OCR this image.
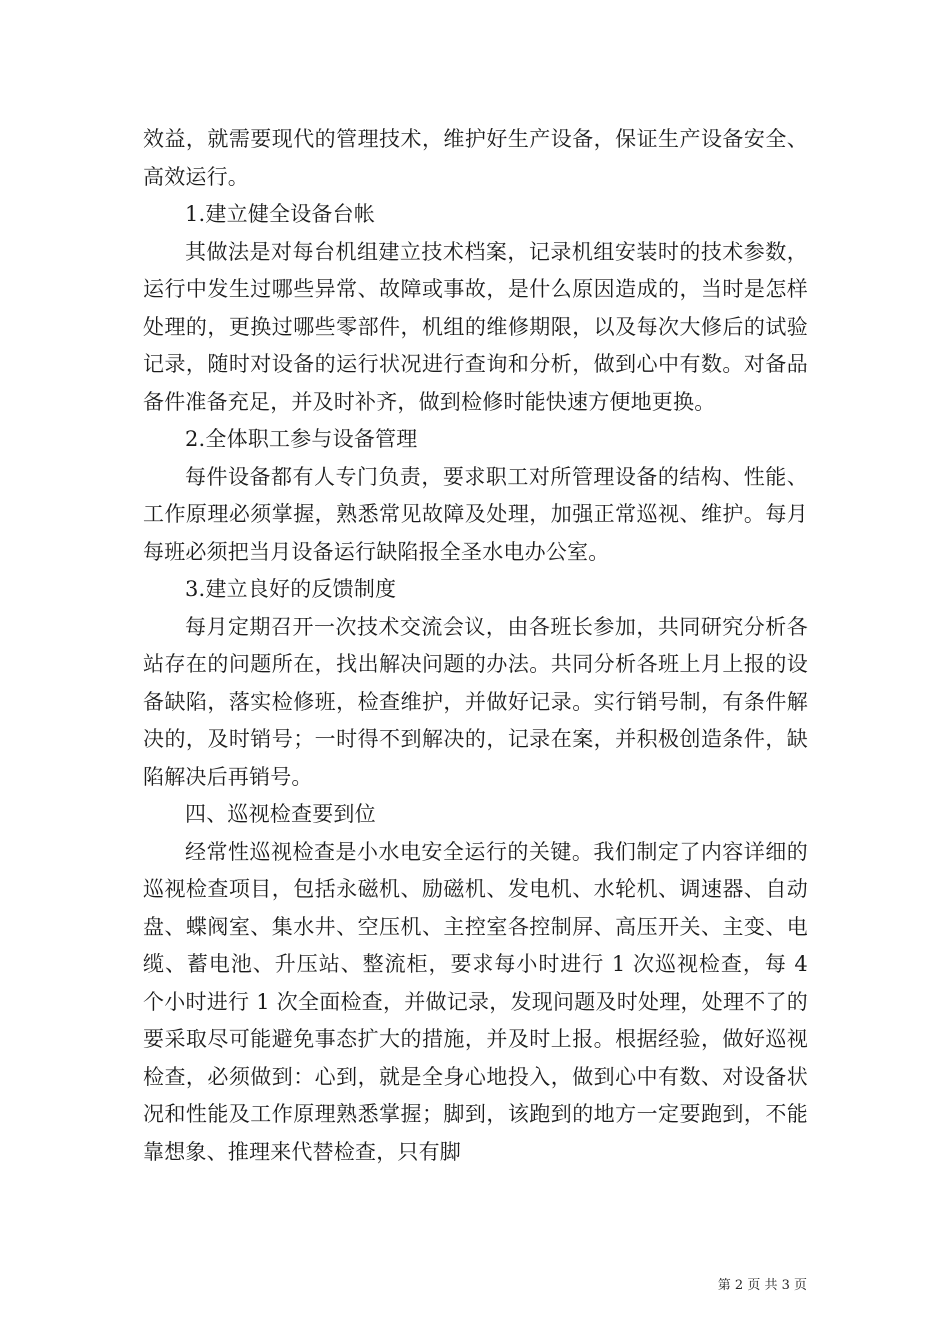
效益，就需要现代的管理技术，维护好生产设备，保证生产设备安全、高效运行。

1.建立健全设备台帐

其做法是对每台机组建立技术档案，记录机组安装时的技术参数，运行中发生过哪些异常、故障或事故，是什么原因造成的，当时是怎样处理的，更换过哪些零部件，机组的维修期限，以及每次大修后的试验记录，随时对设备的运行状况进行查询和分析，做到心中有数。对备品备件准备充足，并及时补齐，做到检修时能快速方便地更换。

2.全体职工参与设备管理

每件设备都有人专门负责，要求职工对所管理设备的结构、性能、工作原理必须掌握，熟悉常见故障及处理，加强正常巡视、维护。每月每班必须把当月设备运行缺陷报全圣水电办公室。

3.建立良好的反馈制度

每月定期召开一次技术交流会议，由各班长参加，共同研究分析各站存在的问题所在，找出解决问题的办法。共同分析各班上月上报的设备缺陷，落实检修班，检查维护，并做好记录。实行销号制，有条件解决的，及时销号；一时得不到解决的，记录在案，并积极创造条件，缺陷解决后再销号。

四、巡视检查要到位

经常性巡视检查是小水电安全运行的关键。我们制定了内容详细的巡视检查项目，包括永磁机、励磁机、发电机、水轮机、调速器、自动盘、蝶阀室、集水井、空压机、主控室各控制屏、高压开关、主变、电缆、蓄电池、升压站、整流柜，要求每小时进行 1 次巡视检查，每 4 个小时进行 1 次全面检查，并做记录，发现问题及时处理，处理不了的要采取尽可能避免事态扩大的措施，并及时上报。根据经验，做好巡视检查，必须做到：心到，就是全身心地投入，做到心中有数、对设备状况和性能及工作原理熟悉掌握；脚到，该跑到的地方一定要跑到，不能靠想象、推理来代替检查，只有脚

第 2 页 共 3 页
